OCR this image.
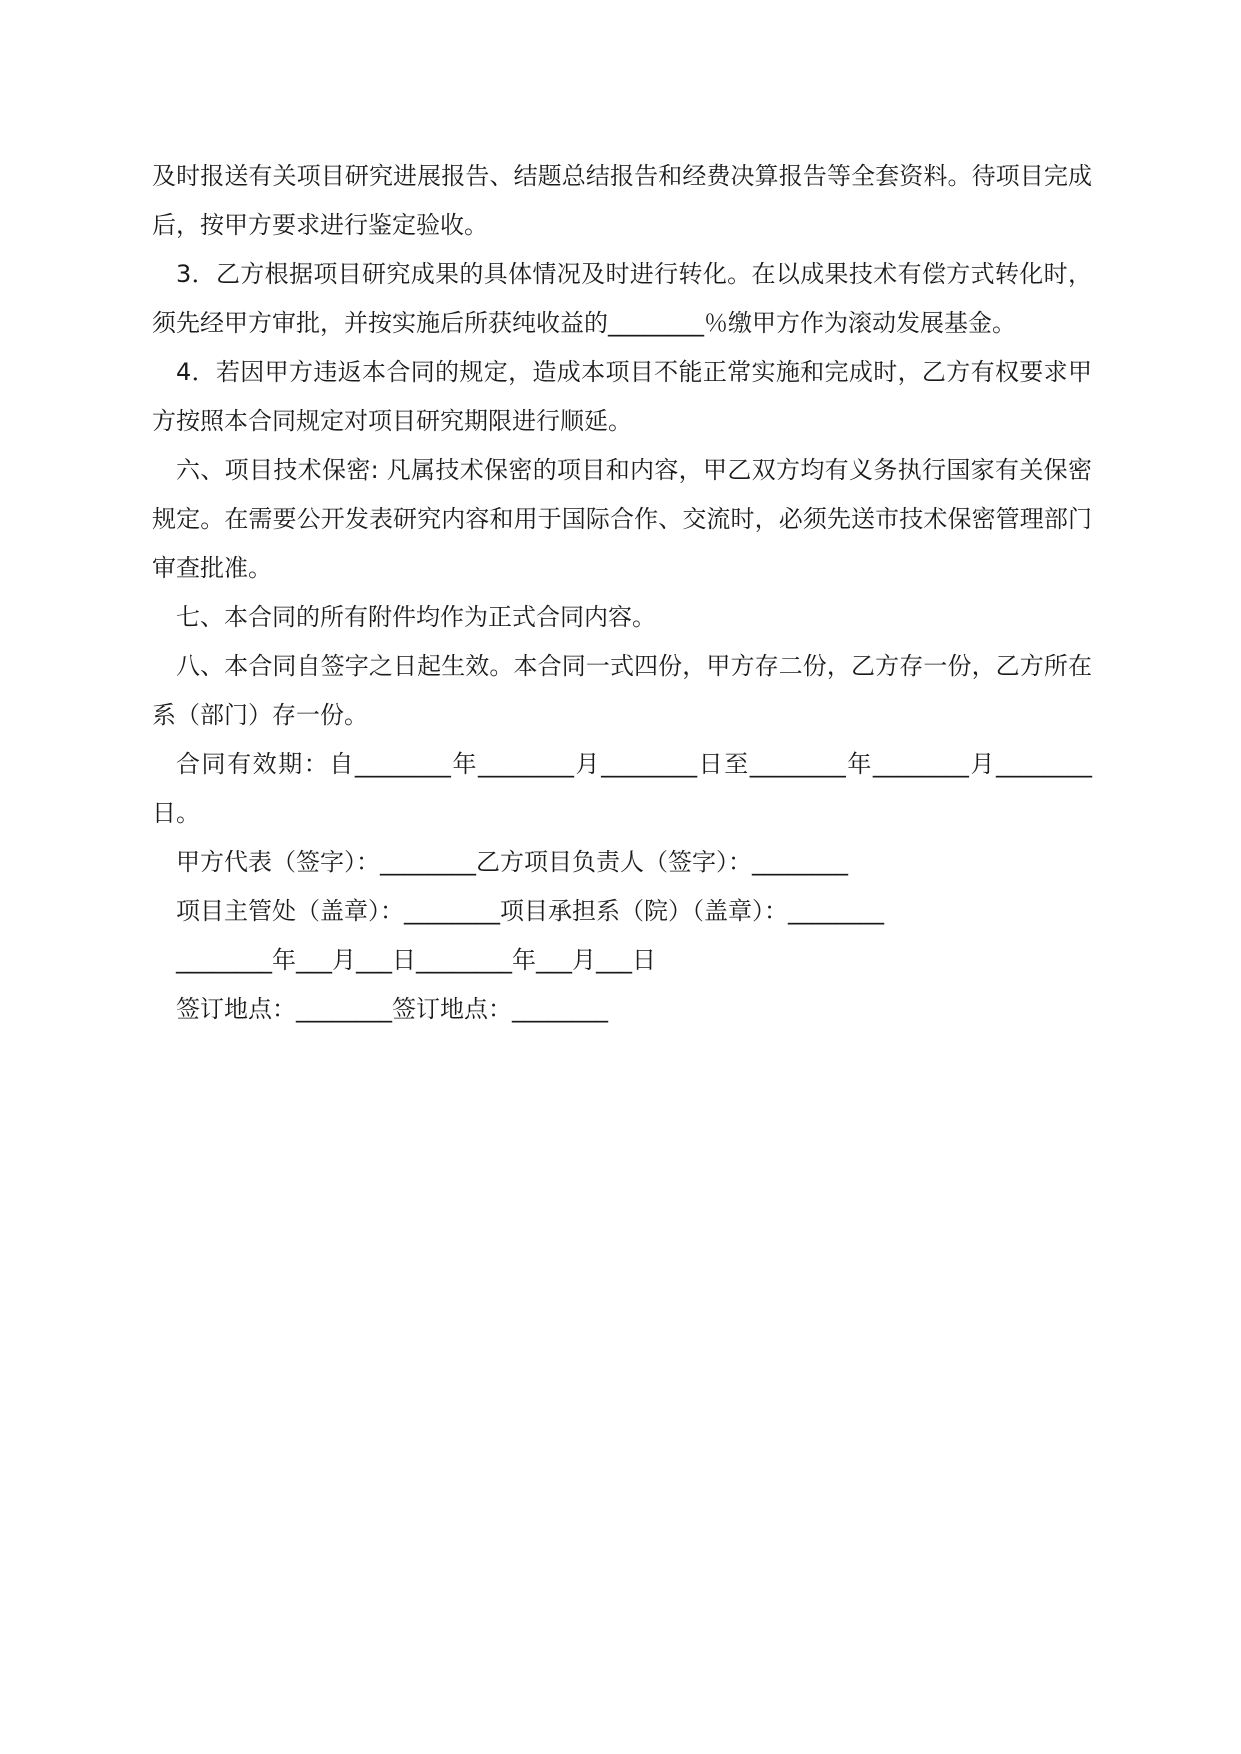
及时报送有关项目研究进展报告、结题总结报告和经费决算报告等全套资料。待项目完成后，按甲方要求进行鉴定验收。

3．乙方根据项目研究成果的具体情况及时进行转化。在以成果技术有偿方式转化时，须先经甲方审批，并按实施后所获纯收益的________％缴甲方作为滚动发展基金。

4．若因甲方违返本合同的规定，造成本项目不能正常实施和完成时，乙方有权要求甲方按照本合同规定对项目研究期限进行顺延。

六、项目技术保密: 凡属技术保密的项目和内容，甲乙双方均有义务执行国家有关保密规定。在需要公开发表研究内容和用于国际合作、交流时，必须先送市技术保密管理部门审查批准。

七、本合同的所有附件均作为正式合同内容。

八、本合同自签字之日起生效。本合同一式四份，甲方存二份，乙方存一份，乙方所在系（部门）存一份。

合同有效期：自________年________月________日至________年________月________日。

甲方代表（签字）：________乙方项目负责人（签字）：________
项目主管处（盖章）：________项目承担系（院）（盖章）：________
________年___月___日________年___月___日
签订地点：________签订地点：________
